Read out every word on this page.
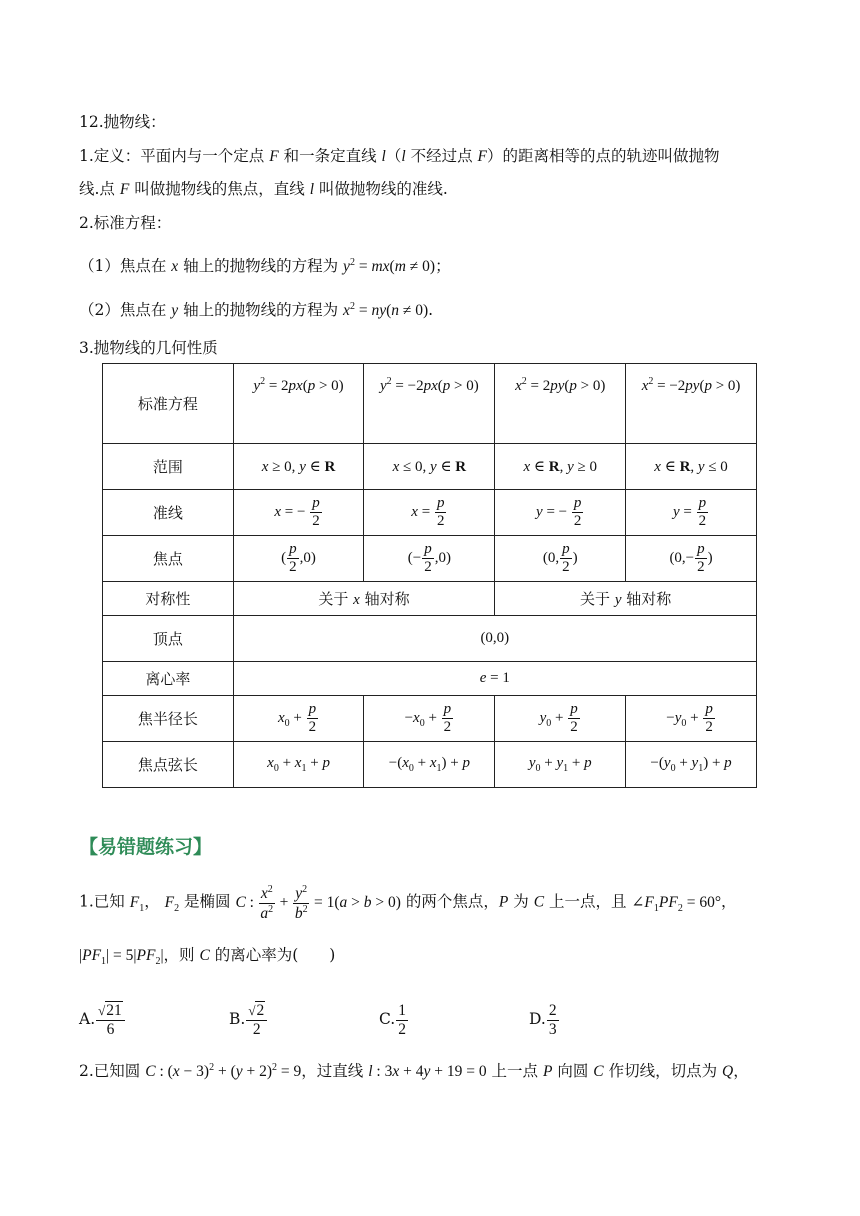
12.抛物线：
1.定义：平面内与一个定点 F 和一条定直线 l（l 不经过点 F）的距离相等的点的轨迹叫做抛物
线.点 F 叫做抛物线的焦点，直线 l 叫做抛物线的准线.
2.标准方程：
（1）焦点在 x 轴上的抛物线的方程为 $y^2 = mx(m \ne 0)$；
（2）焦点在 y 轴上的抛物线的方程为 $x^2 = ny(n \ne 0)$.
3.抛物线的几何性质
标准方程	$y^2 = 2px(p > 0)$	$y^2 = -2px(p > 0)$	$x^2 = 2py(p > 0)$	$x^2 = -2py(p > 0)$
范围	x ≥ 0, y ∈ R	x ≤ 0, y ∈ R	x ∈ R, y ≥ 0	x ∈ R, y ≤ 0
准线	x = − $\frac{p}{2}$	$x = \frac{p}{2}$	y = − $\frac{p}{2}$	$y = \frac{p}{2}$

焦点	( $\frac{p}{2} ,0$)	(− $\frac{p}{2} ,0$)	(0, $\frac{p}{2}$ )	($0,- \frac{p}{2}$ )
对称性	关于 x 轴对称		关于 y 轴对称	
顶点	(0,0)			
离心率	e = 1			
焦半径长	$x_0 + \frac{p}{2}$	$-x_0 + \frac{p}{2}$	$y_0 + \frac{p}{2}$	$-y_0 + \frac{p}{2}$

焦点弦长	$x_0 + x_1 + p$	$-(x_0 + x_1) + p$	$y_0 + y_1 + p$	$-(y_0 + y_1) + p$
【易错题练习】
1.已知 $F_1$， $F_2$ 是椭圆 C : $\frac{x^2}{a^2} + \frac{y^2}{b^2} = 1(a > b > 0)$ 的两个焦点，P 为 C 上一点，且 $\angle F_1PF_2 = 60^\circ$，
$|PF_1| = 5|PF_2|$，则 C 的离心率为(　　)
A. $\frac{√21}{6}$	B. $\frac{√2}{2}$	C. $\frac{1}{2}$	D. $\frac{2}{3}$
2.已知圆 C : $(x - 3)^2 + (y + 2)^2 = 9$，过直线 l : 3x + 4y + 19 = 0 上一点 P 向圆 C 作切线，切点为 Q，
